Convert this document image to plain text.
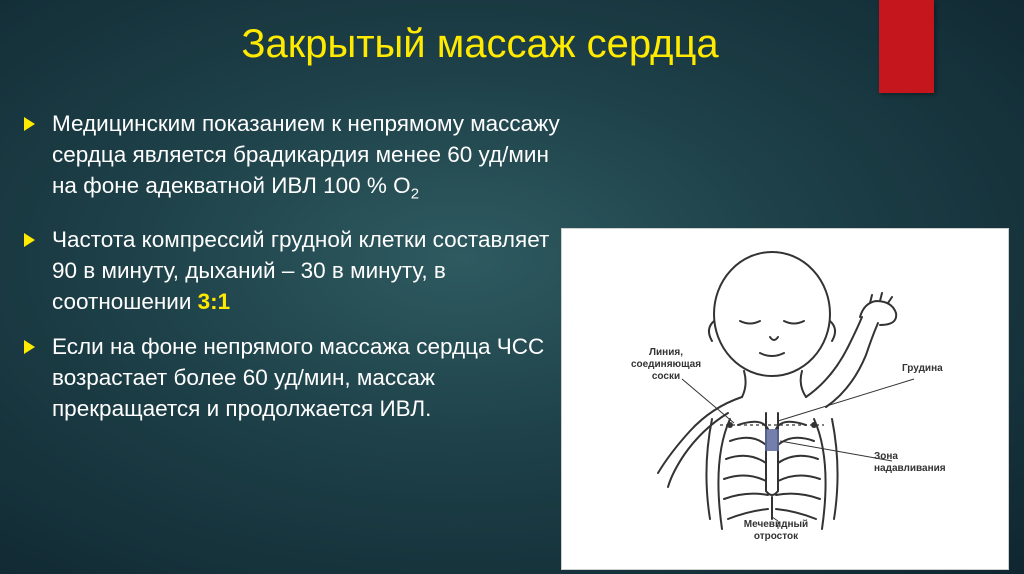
Закрытый массаж сердца
Медицинским показанием к непрямому массажу сердца является брадикардия менее 60 уд/мин на фоне адекватной ИВЛ 100 % $О_2$
Частота компрессий грудной клетки составляет 90 в минуту, дыханий – 30 в минуту, в соотношении 3:1
Если на фоне непрямого массажа сердца ЧСС возрастает более 60 уд/мин, массаж прекращается и продолжается ИВЛ.
Линия,
соединяющая
соски
Грудина
Зона
надавливания
Мечевидный
отросток
